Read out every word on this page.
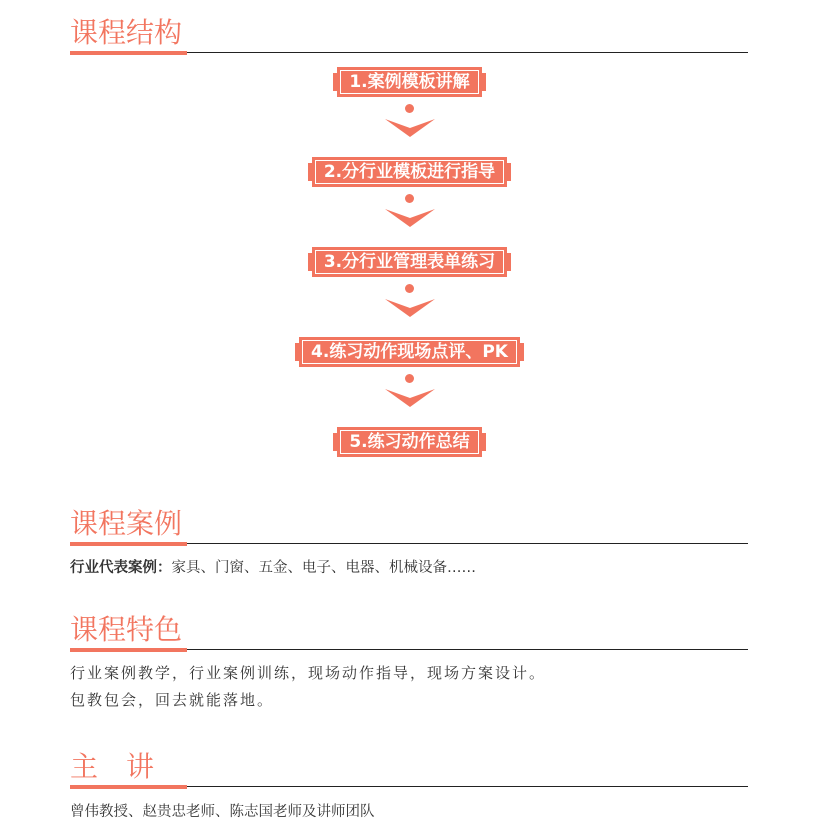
课程结构
1.案例模板讲解
2.分行业模板进行指导
3.分行业管理表单练习
4.练习动作现场点评、PK
5.练习动作总结
课程案例
行业代表案例：家具、门窗、五金、电子、电器、机械设备……
课程特色
行业案例教学，行业案例训练，现场动作指导，现场方案设计。
包教包会，回去就能落地。
主　讲
曾伟教授、赵贵忠老师、陈志国老师及讲师团队
